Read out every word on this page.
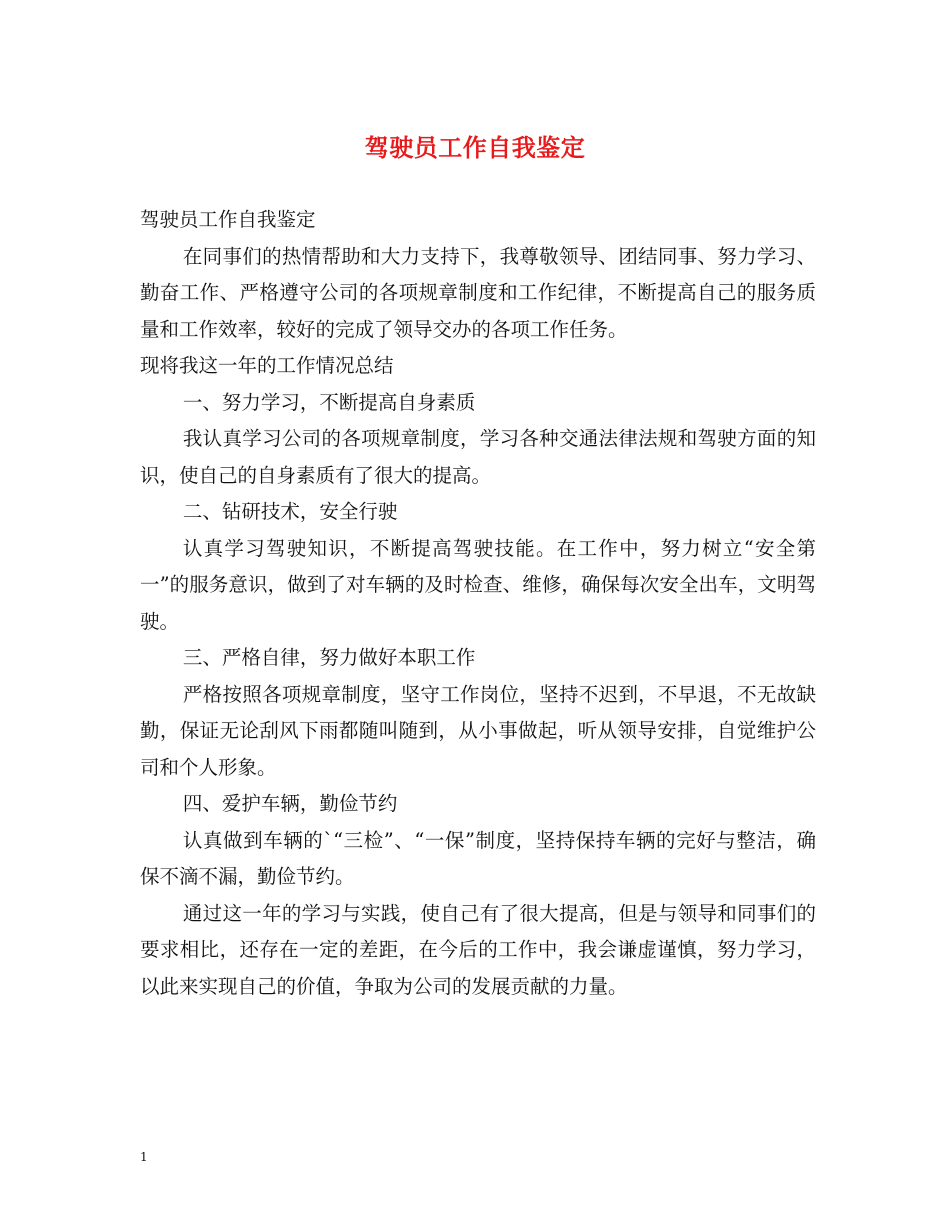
驾驶员工作自我鉴定

驾驶员工作自我鉴定

在同事们的热情帮助和大力支持下，我尊敬领导、团结同事、努力学习、勤奋工作、严格遵守公司的各项规章制度和工作纪律，不断提高自己的服务质量和工作效率，较好的完成了领导交办的各项工作任务。

现将我这一年的工作情况总结

一、努力学习，不断提高自身素质

我认真学习公司的各项规章制度，学习各种交通法律法规和驾驶方面的知识，使自己的自身素质有了很大的提高。

二、钻研技术，安全行驶

认真学习驾驶知识，不断提高驾驶技能。在工作中，努力树立“安全第一”的服务意识，做到了对车辆的及时检查、维修，确保每次安全出车，文明驾驶。

三、严格自律，努力做好本职工作

严格按照各项规章制度，坚守工作岗位，坚持不迟到，不早退，不无故缺勤，保证无论刮风下雨都随叫随到，从小事做起，听从领导安排，自觉维护公司和个人形象。

四、爱护车辆，勤俭节约

认真做到车辆的`“三检”、“一保”制度，坚持保持车辆的完好与整洁，确保不滴不漏，勤俭节约。

通过这一年的学习与实践，使自己有了很大提高，但是与领导和同事们的要求相比，还存在一定的差距，在今后的工作中，我会谦虚谨慎，努力学习，以此来实现自己的价值，争取为公司的发展贡献的力量。

1
